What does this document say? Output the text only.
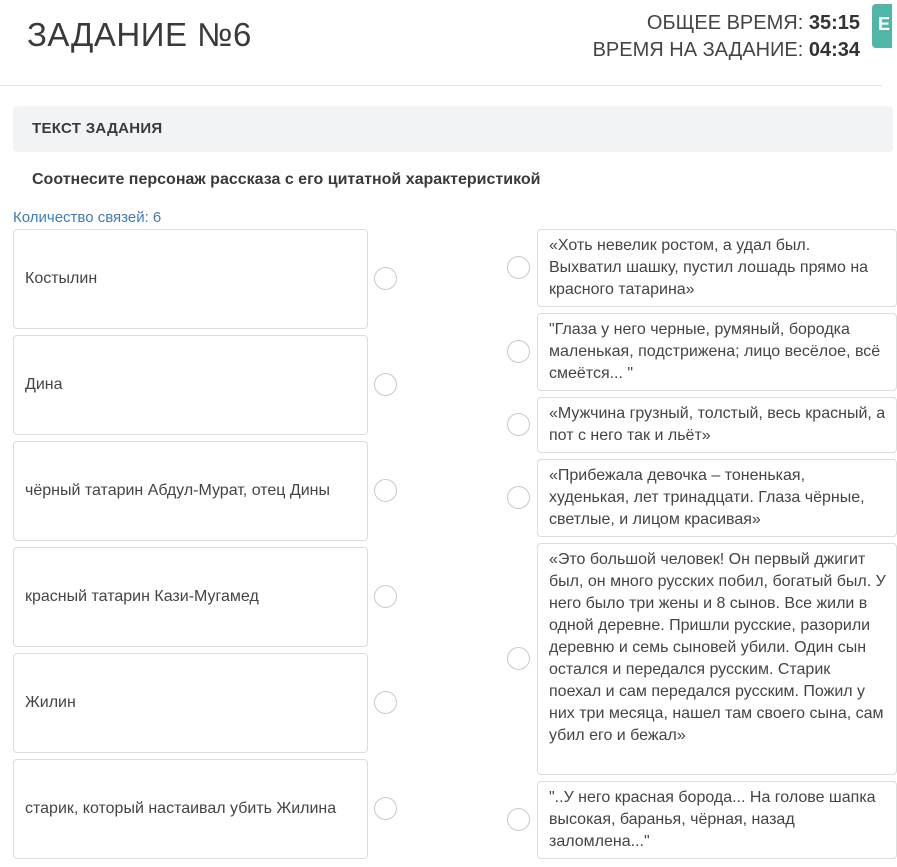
ЗАДАНИЕ №6	ОБЩЕЕ ВРЕМЯ: 35:15
ВРЕМЯ НА ЗАДАНИЕ: 04:34
E
ТЕКСТ ЗАДАНИЯ
Соотнесите персонаж рассказа с его цитатной характеристикой
Количество связей: 6
Костылин
Дина
чёрный татарин Абдул-Мурат, отец Дины
красный татарин Кази-Мугамед
Жилин
старик, который настаивал убить Жилина
«Хоть невелик ростом, а удал был. Выхватил шашку, пустил лошадь прямо на красного татарина»
"Глаза у него черные, румяный, бородка маленькая, подстрижена; лицо весёлое, всё смеётся... "
«Мужчина грузный, толстый, весь красный, а пот с него так и льёт»
«Прибежала девочка – тоненькая, худенькая, лет тринадцати. Глаза чёрные, светлые, и лицом красивая»
«Это большой человек! Он первый джигит был, он много русских побил, богатый был. У него было три жены и 8 сынов. Все жили в одной деревне. Пришли русские, разорили деревню и семь сыновей убили. Один сын остался и передался русским. Старик поехал и сам передался русским. Пожил у них три месяца, нашел там своего сына, сам убил его и бежал»
"..У него красная борода... На голове шапка высокая, баранья, чёрная, назад заломлена..."
